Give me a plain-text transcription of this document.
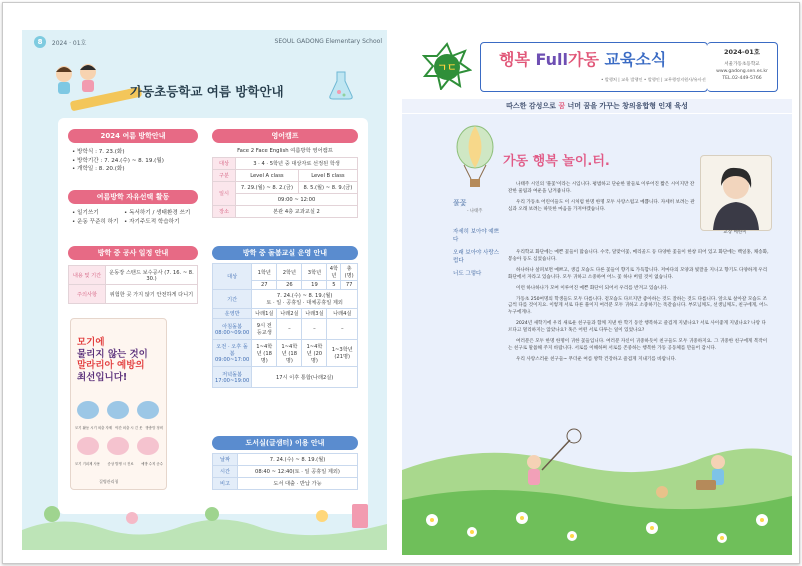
8 2024 · 01호	SEOUL GADONG Elementary School
가동초등학교 여름 방학안내
2024 여름 방학안내
• 방학식 : 7. 23.(화)
• 방학기간 : 7. 24.(수) ~ 8. 19.(월)
• 개학일 : 8. 20.(화)
여름방학 자유선택 활동
• 일기쓰기
• 운동 꾸준히 하기
• 독서하기 / 생태환경 쓰기
• 자기주도적 학습하기
방학 중 공사 일정 안내
내용 및 기간	운동장 스탠드 보수공사 (7. 16. ~ 8. 30.)
주의사항	위험한 곳 가지 않기 안전하게 다니기
모기에
물리지 않는 것이
말라리아 예방의
최선입니다!
모기 활동 시기 외출 자제 야간 외출 시 긴 옷 방충망 정비
모기 기피제 사용 증상 발생 시 진료 예방 수칙 준수
질병관리청
영어캠프
Face 2 Face English 여름방학 영어캠프
대상	3 · 4 · 5학년 중 대상자로 선정된 학생	
구분	Level A class	Level B class
일시	7. 29.(월) ~ 8. 2.(금)	8. 5.(월) ~ 8. 9.(금)
	09:00 ~ 12:00	
장소	본관 4층 교과교실 2	
방학 중 돌봄교실 운영 안내
대상	1학년	2학년	3학년	4학년	총(명)
	27	26	19	5	77
기간	7. 24.(수) ~ 8. 19.(월)
토 · 일 · 공휴일 · 대체공휴일 제외				
운영반	나래1실	나래2실	나래3실	나래4실	
아침돌봄 08:00~09:00	9시 전 등교생	–	–	–	
오전 · 오후 돌봄 09:00~17:00	1~4학년 (18명)	1~4학년 (18명)	1~4학년 (20명)	1~3학년 (21명)	
저녁돌봄 17:00~19:00	17시 이후 통합(나래2실)				
도서실(글샘터) 이용 안내
날짜	7. 24.(수) ~ 8. 19.(월)
시간	08:40 ~ 12:40(토 · 일 공휴일 제외)
비고	도서 대출 · 반납 가능
ㄱㄷ	행복 Full가동 교육소식
• 발행처 | 교육 발행인 • 발행인 | 교무행정지원사/유사선
2024-01호
서울가동초등학교
www.gadong.sen.es.kr
TEL.02-449-5766
따스한 감성으로 꿈 너머 꿈을 가꾸는 창의융합형 인재 육성
가동 행복 놀이.터.
교장 배한미
풀꽃
- 나태주
자세히 보아야 예쁘다
오래 보아야 사랑스럽다
너도 그렇다

나태주 시인의 '풀꽃'이라는 시입니다. 평범하고 단순한 말들로 이루어진 짧은 시이지만 잔잔한 울림과 여운을 남겨줍니다.

우리 가동초 어린이들도 이 시처럼 한명 한명 모두 사랑스럽고 예쁩니다. 자세히 보려는 관심과 오래 보려는 따뜻한 마음을 가져야겠습니다.

우리학교 화단에는 예쁜 꽃들이 많습니다. 수국, 달맞이꽃, 메리골드 등 다양한 꽃들이 한창 피어 있고 화단에는 백일홍, 채송화, 봉숭아 등도 심었습니다.

하나하나 살펴보면 예쁘고, 생김 모습도 다른 꽃들이 향기로 가득합니다. 저마다의 모양과 빛깔을 지니고 향기도 다양하게 우리 화단에서 자라고 있습니다. 모두 귀하고 소중하여 어느 꽃 하나 버릴 것이 없습니다.

이런 하나하나가 모여 이루어진 예쁜 화단이 되어서 우리를 반겨고 있습니다.

가동초 250여명의 학생들도 모두 다릅니다. 겉모습도 다르지만 좋아하는 것도 잘하는 것도 다릅니다. 앞으로 살아갈 모습도 조금씩 다를 것이지요. 이렇게 서로 다른 풀이지 여러분 모두 귀하고 소중하기는 똑같습니다. 부모님께도, 선생님께도, 친구에게, 어느 누구에게나.

2024년 새학기에 우리 새로운 친구들과 함께 지낸 한 학기 동안 행복하고 즐겁게 지냈나요? 서로 사이좋게 지냈나요? 나랑 다르다고 멀리하지는 않았나요? 혹은 어떤 서로 다투는 일이 있었나요?

여러분은 모두 한명 한명이 귀한 꽃들입니다. 여러분 자신이 귀중하듯이 친구들도 모두 귀중하지요. 그 귀중한 친구에게 복작이는 친구로 말씀해 주지 바랍니다. 서로를 이해하며 서로를 존중하는 행복한 가동 공동체를 만들어 갑시다.

우리 사랑스러운 친구들~ 무더운 여름 방학 건강하고 즐겁게 지내기를 바랍니다.
